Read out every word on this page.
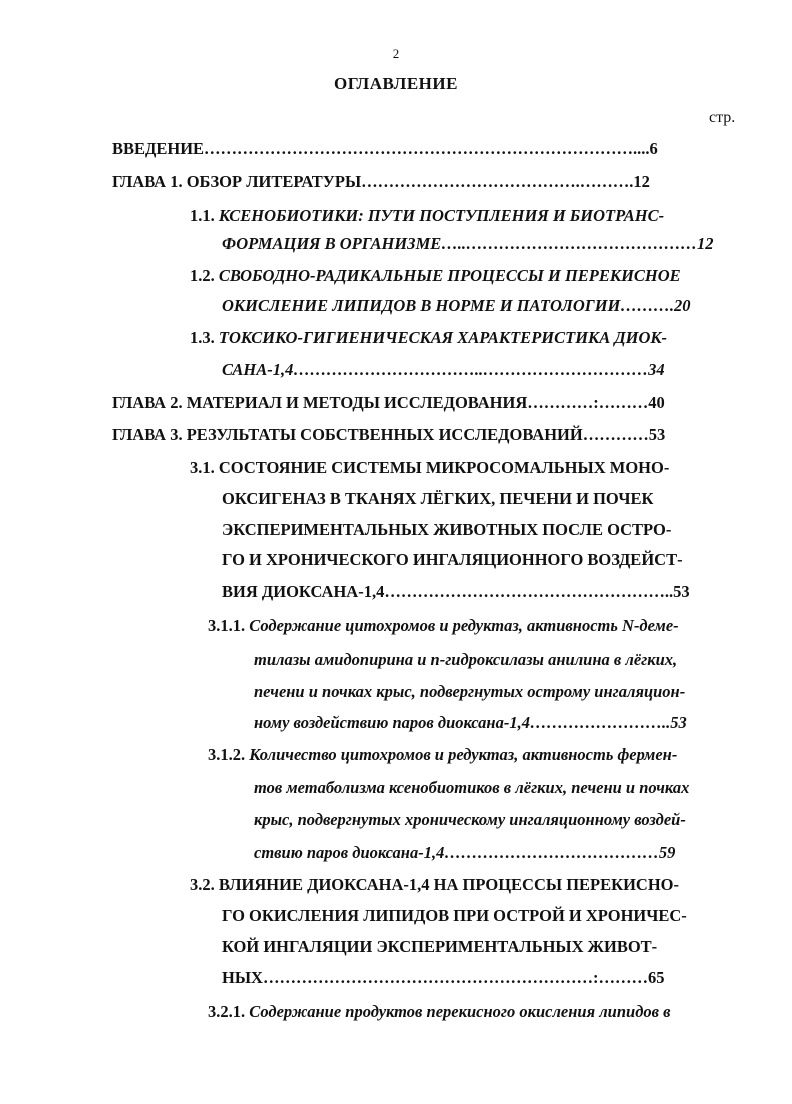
2
ОГЛАВЛЕНИЕ
стр.
ВВЕДЕНИЕ……………………………………………………………………....6
ГЛАВА 1. ОБЗОР ЛИТЕРАТУРЫ………………………………….……….12
1.1. КСЕНОБИОТИКИ: ПУТИ ПОСТУПЛЕНИЯ И БИОТРАНС-
ФОРМАЦИЯ В ОРГАНИЗМЕ…..……………………………………12
1.2. СВОБОДНО-РАДИКАЛЬНЫЕ ПРОЦЕССЫ И ПЕРЕКИСНОЕ
ОКИСЛЕНИЕ ЛИПИДОВ В НОРМЕ И ПАТОЛОГИИ……….20
1.3. ТОКСИКО-ГИГИЕНИЧЕСКАЯ ХАРАКТЕРИСТИКА ДИОК-
САНА-1,4……………………………..…………………………34
ГЛАВА 2. МАТЕРИАЛ И МЕТОДЫ ИССЛЕДОВАНИЯ…………:………40
ГЛАВА 3. РЕЗУЛЬТАТЫ СОБСТВЕННЫХ ИССЛЕДОВАНИЙ…………53
3.1. СОСТОЯНИЕ СИСТЕМЫ МИКРОСОМАЛЬНЫХ МОНО-
ОКСИГЕНАЗ В ТКАНЯХ ЛЁГКИХ, ПЕЧЕНИ И ПОЧЕК
ЭКСПЕРИМЕНТАЛЬНЫХ ЖИВОТНЫХ ПОСЛЕ ОСТРО-
ГО И ХРОНИЧЕСКОГО ИНГАЛЯЦИОННОГО ВОЗДЕЙСТ-
ВИЯ ДИОКСАНА-1,4……………………………………………..53
3.1.1. Содержание цитохромов и редуктаз, активность N-деме-
тилазы амидопирина и п-гидроксилазы анилина в лёгких,
печени и почках крыс, подвергнутых острому ингаляцион-
ному воздействию паров диоксана-1,4……………………..53
3.1.2. Количество цитохромов и редуктаз, активность фермен-
тов метаболизма ксенобиотиков в лёгких, печени и почках
крыс, подвергнутых хроническому ингаляционному воздей-
ствию паров диоксана-1,4…………………………………59
3.2. ВЛИЯНИЕ ДИОКСАНА-1,4 НА ПРОЦЕССЫ ПЕРЕКИСНО-
ГО ОКИСЛЕНИЯ ЛИПИДОВ ПРИ ОСТРОЙ И ХРОНИЧЕС-
КОЙ ИНГАЛЯЦИИ ЭКСПЕРИМЕНТАЛЬНЫХ ЖИВОТ-
НЫХ……………………………………………………:………65
3.2.1. Содержание продуктов перекисного окисления липидов в
